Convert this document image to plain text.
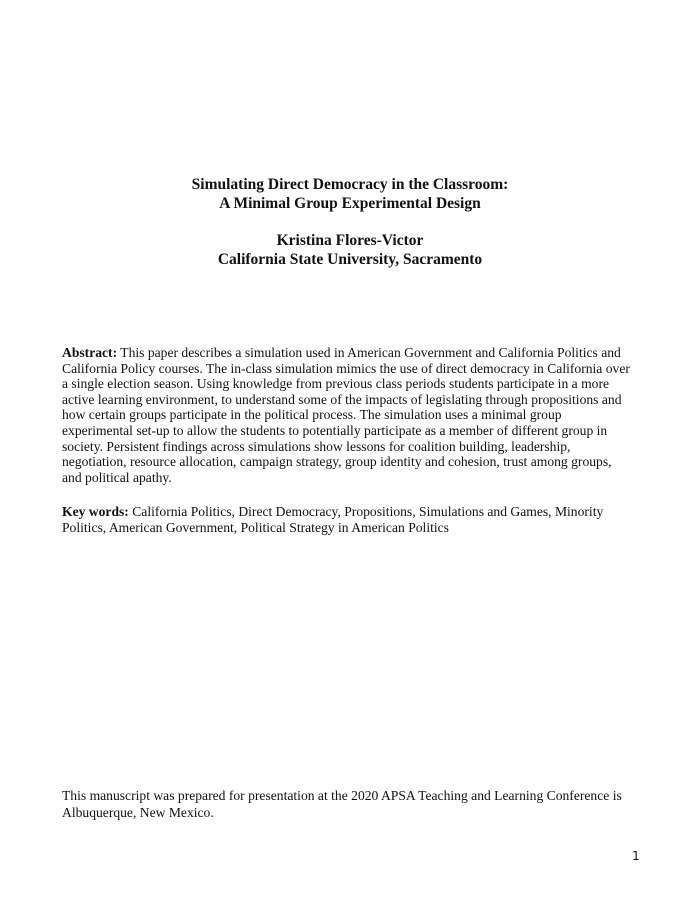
Simulating Direct Democracy in the Classroom:
A Minimal Group Experimental Design
Kristina Flores-Victor
California State University, Sacramento
Abstract: This paper describes a simulation used in American Government and California Politics and
California Policy courses. The in-class simulation mimics the use of direct democracy in California over
a single election season. Using knowledge from previous class periods students participate in a more
active learning environment, to understand some of the impacts of legislating through propositions and
how certain groups participate in the political process. The simulation uses a minimal group
experimental set-up to allow the students to potentially participate as a member of different group in
society. Persistent findings across simulations show lessons for coalition building, leadership,
negotiation, resource allocation, campaign strategy, group identity and cohesion, trust among groups,
and political apathy.
Key words: California Politics, Direct Democracy, Propositions, Simulations and Games, Minority
Politics, American Government, Political Strategy in American Politics
This manuscript was prepared for presentation at the 2020 APSA Teaching and Learning Conference is
Albuquerque, New Mexico.
1
